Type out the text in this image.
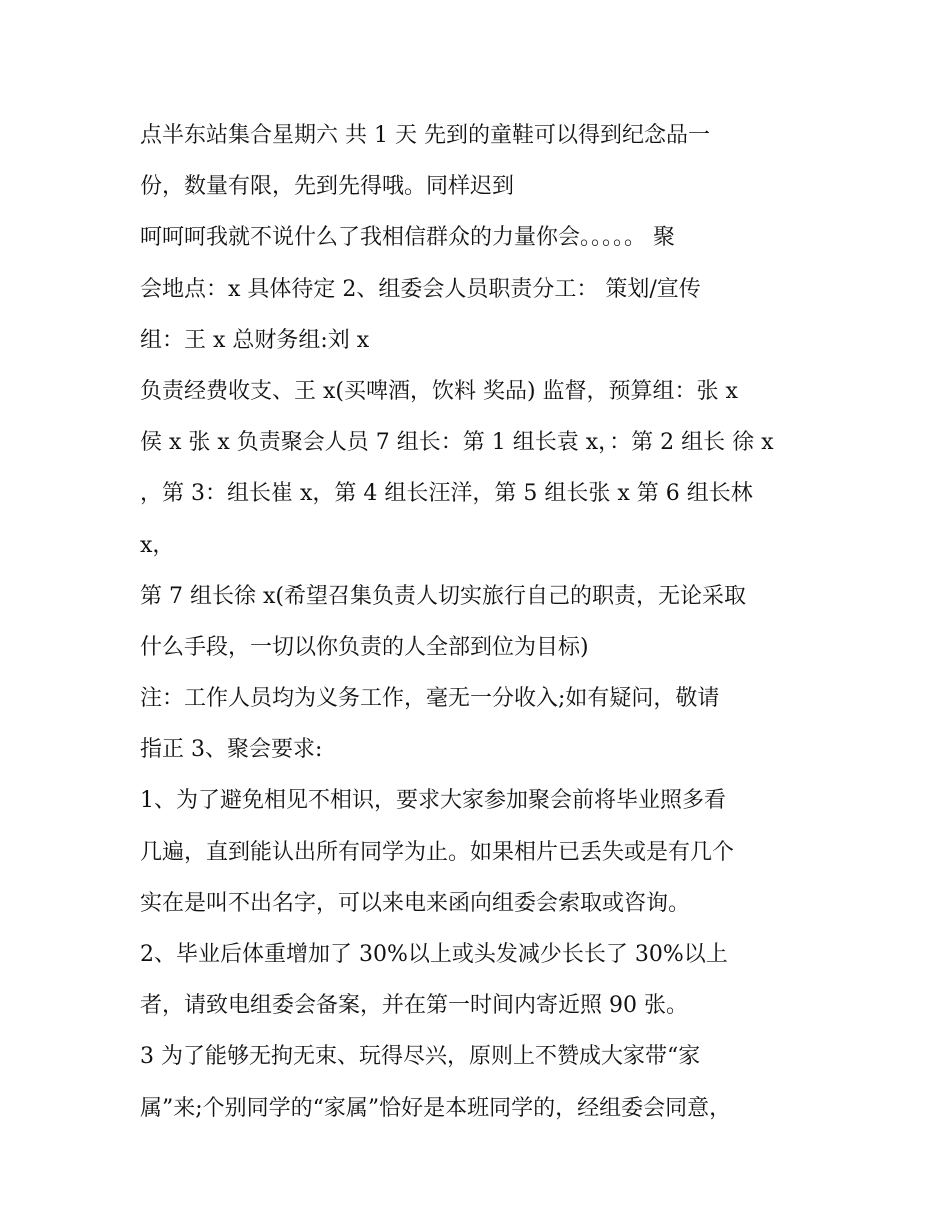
点半东站集合星期六 共 1 天 先到的童鞋可以得到纪念品一
份，数量有限，先到先得哦。同样迟到
呵呵呵我就不说什么了我相信群众的力量你会。。。。。 聚
会地点：x 具体待定 2、组委会人员职责分工： 策划/宣传
组：王 x 总财务组:刘 x
负责经费收支、王 x(买啤酒，饮料 奖品) 监督，预算组：张 x
侯 x 张 x 负责聚会人员 7 组长：第 1 组长袁 x，：第 2 组长 徐 x
，第 3：组长崔 x，第 4 组长汪洋，第 5 组长张 x 第 6 组长林
x，
第 7 组长徐 x(希望召集负责人切实旅行自己的职责，无论采取
什么手段，一切以你负责的人全部到位为目标)
注：工作人员均为义务工作，毫无一分收入;如有疑问，敬请
指正 3、聚会要求:
1、为了避免相见不相识，要求大家参加聚会前将毕业照多看
几遍，直到能认出所有同学为止。如果相片已丢失或是有几个
实在是叫不出名字，可以来电来函向组委会索取或咨询。
2、毕业后体重增加了 30%以上或头发减少长长了 30%以上
者，请致电组委会备案，并在第一时间内寄近照 90 张。
3 为了能够无拘无束、玩得尽兴，原则上不赞成大家带“家
属”来;个别同学的“家属”恰好是本班同学的，经组委会同意，
